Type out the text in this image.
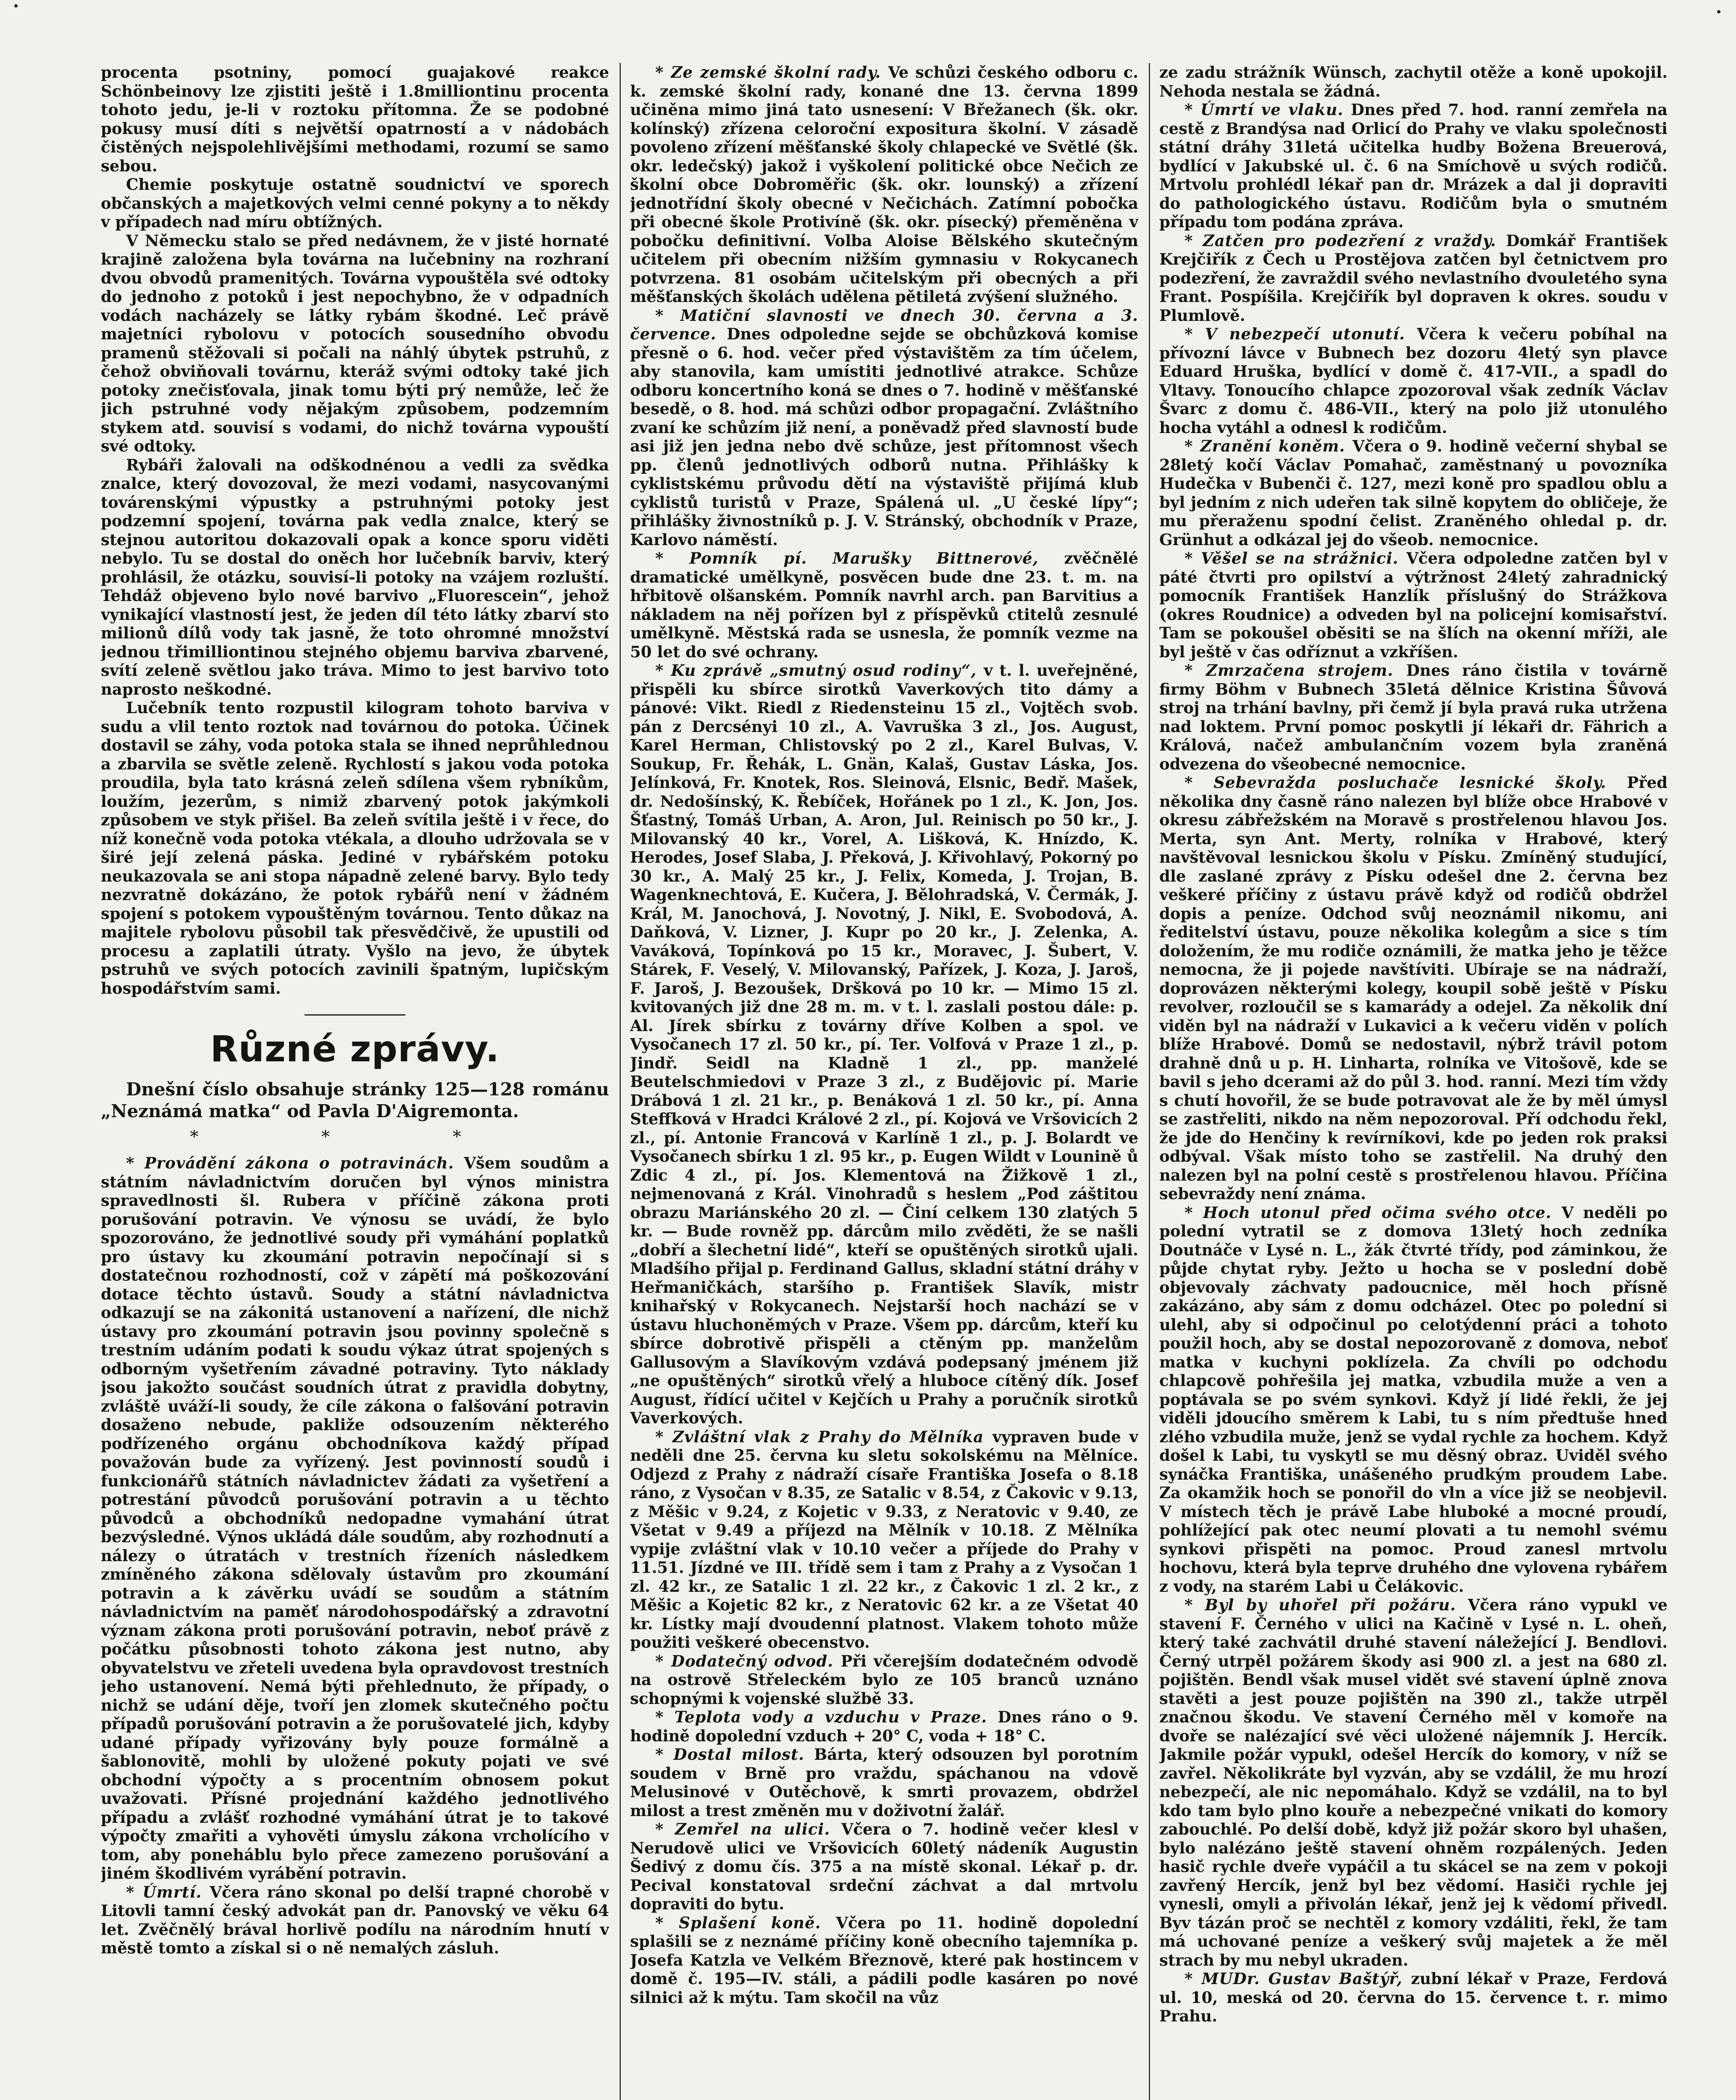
procenta psotniny, pomocí guajakové reakce Schönbeinovy lze zjistiti ještě i 1.8milliontinu procenta tohoto jedu, je-li v roztoku přítomna. Že se podobné pokusy musí díti s největší opatrností a v nádobách čistěných nejspolehlivějšími methodami, rozumí se samo sebou.

Chemie poskytuje ostatně soudnictví ve sporech občanských a majetkových velmi cenné pokyny a to někdy v případech nad míru obtížných.

V Německu stalo se před nedávnem, že v jisté hornaté krajině založena byla továrna na lučebniny na rozhraní dvou obvodů pramenitých. Továrna vypouštěla své odtoky do jednoho z potoků i jest nepochybno, že v odpadních vodách nacházely se látky rybám škodné. Leč právě majetníci rybolovu v potocích sousedního obvodu pramenů stěžovali si počali na náhlý úbytek pstruhů, z čehož obviňovali továrnu, kteráž svými odtoky také jich potoky znečisťovala, jinak tomu býti prý nemůže, leč že jich pstruhné vody nějakým způsobem, podzemním stykem atd. souvisí s vodami, do nichž továrna vypouští své odtoky.

Rybáři žalovali na odškodnénou a vedli za svědka znalce, který dovozoval, že mezi vodami, nasycovanými továrenskými výpustky a pstruhnými potoky jest podzemní spojení, továrna pak vedla znalce, který se stejnou autoritou dokazovali opak a konce sporu viděti nebylo. Tu se dostal do oněch hor lučebník barviv, který prohlásil, že otázku, souvisí-li potoky na vzájem rozluští. Tehdáž objeveno bylo nové barvivo „Fluorescein“, jehož vynikající vlastností jest, že jeden díl této látky zbarví sto milionů dílů vody tak jasně, že toto ohromné množství jednou třimilliontinou stejného objemu barviva zbarvené, svítí zeleně světlou jako tráva. Mimo to jest barvivo toto naprosto neškodné.

Lučebník tento rozpustil kilogram tohoto barviva v sudu a vlil tento roztok nad továrnou do potoka. Účinek dostavil se záhy, voda potoka stala se ihned neprůhlednou a zbarvila se světle zeleně. Rychlostí s jakou voda potoka proudila, byla tato krásná zeleň sdílena všem rybníkům, loužím, jezerům, s nimiž zbarvený potok jakýmkoli způsobem ve styk přišel. Ba zeleň svítila ještě i v řece, do níž konečně voda potoka vtékala, a dlouho udržovala se v širé její zelená páska. Jediné v rybářském potoku neukazovala se ani stopa nápadně zelené barvy. Bylo tedy nezvratně dokázáno, že potok rybářů není v žádném spojení s potokem vypouštěným továrnou. Tento důkaz na majitele rybolovu působil tak přesvědčivě, že upustili od procesu a zaplatili útraty. Vyšlo na jevo, že úbytek pstruhů ve svých potocích zavinili špatným, lupičským hospodářstvím sami.

Různé zprávy.

Dnešní číslo obsahuje stránky 125—128 románu „Neznámá matka“ od Pavla D'Aigremonta.

* * *

* Provádění zákona o potravinách. Všem soudům a státním návladnictvím doručen byl výnos ministra spravedlnosti šl. Rubera v příčině zákona proti porušování potravin. Ve výnosu se uvádí, že bylo spozorováno, že jednotlivé soudy při vymáhání poplatků pro ústavy ku zkoumání potravin nepočínají si s dostatečnou rozhodností, což v zápětí má poškozování dotace těchto ústavů. Soudy a státní návladnictva odkazují se na zákonitá ustanovení a nařízení, dle nichž ústavy pro zkoumání potravin jsou povinny společně s trestním udáním podati k soudu výkaz útrat spojených s odborným vyšetřením závadné potraviny. Tyto náklady jsou jakožto součást soudních útrat z pravidla dobytny, zvláště uváží-li soudy, že cíle zákona o falšování potravin dosaženo nebude, pakliže odsouzením některého podřízeného orgánu obchodníkova každý případ považován bude za vyřízený. Jest povinností soudů i funkcionářů státních návladnictev žádati za vyšetření a potrestání původců porušování potravin a u těchto původců a obchodníků nedopadne vymahání útrat bezvýsledné. Výnos ukládá dále soudům, aby rozhodnutí a nálezy o útratách v trestních řízeních následkem zmíněného zákona sdělovaly ústavům pro zkoumání potravin a k závěrku uvádí se soudům a státním návladnictvím na paměť národohospodářský a zdravotní význam zákona proti porušování potravin, neboť právě z počátku působnosti tohoto zákona jest nutno, aby obyvatelstvu ve zřeteli uvedena byla opravdovost trestních jeho ustanovení. Nemá býti přehlednuto, že případy, o nichž se udání děje, tvoří jen zlomek skutečného počtu případů porušování potravin a že porušovatelé jich, kdyby udané případy vyřizovány byly pouze formálně a šablonovitě, mohli by uložené pokuty pojati ve své obchodní výpočty a s procentním obnosem pokut uvažovati. Přísné projednání každého jednotlivého případu a zvlášť rozhodné vymáhání útrat je to takové výpočty zmařiti a vyhověti úmyslu zákona vrcholícího v tom, aby poneháblu bylo přece zamezeno porušování a jiném škodlivém vyrábění potravin.

* Úmrtí. Včera ráno skonal po delší trapné chorobě v Litovli tamní český advokát pan dr. Panovský ve věku 64 let. Zvěčnělý brával horlivě podílu na národním hnutí v městě tomto a získal si o ně nemalých zásluh.

* Ze zemské školní rady. Ve schůzi českého odboru c. k. zemské školní rady, konané dne 13. června 1899 učiněna mimo jiná tato usnesení: V Břežanech (šk. okr. kolínský) zřízena celoroční expositura školní. V zásadě povoleno zřízení měšťanské školy chlapecké ve Světlé (šk. okr. ledečský) jakož i vyškolení politické obce Nečich ze školní obce Dobroměřic (šk. okr. lounský) a zřízení jednotřídní školy obecné v Nečichách. Zatímní pobočka při obecné škole Protivíně (šk. okr. písecký) přeměněna v pobočku definitivní. Volba Aloise Bělského skutečným učitelem při obecním nižším gymnasiu v Rokycanech potvrzena. 81 osobám učitelským při obecných a při měšťanských školách udělena pětiletá zvýšení služného.

* Matiční slavnosti ve dnech 30. června a 3. července. Dnes odpoledne sejde se obchůzková komise přesně o 6. hod. večer před výstavištěm za tím účelem, aby stanovila, kam umístiti jednotlivé atrakce. Schůze odboru koncertního koná se dnes o 7. hodině v měšťanské besedě, o 8. hod. má schůzi odbor propagační. Zvláštního zvaní ke schůzím již není, a poněvadž před slavností bude asi již jen jedna nebo dvě schůze, jest přítomnost všech pp. členů jednotlivých odborů nutna. Přihlášky k cyklistskému průvodu dětí na výstaviště přijímá klub cyklistů turistů v Praze, Spálená ul. „U české lípy“; přihlášky živnostníků p. J. V. Stránský, obchodník v Praze, Karlovo náměstí.

* Pomník pí. Marušky Bittnerové, zvěčnělé dramatické umělkyně, posvěcen bude dne 23. t. m. na hřbitově olšanském. Pomník navrhl arch. pan Barvitius a nákladem na něj pořízen byl z příspěvků ctitelů zesnulé umělkyně. Městská rada se usnesla, že pomník vezme na 50 let do své ochrany.

* Ku zprávě „smutný osud rodiny“, v t. l. uveřejněné, přispěli ku sbírce sirotků Vaverkových tito dámy a pánové: Vikt. Riedl z Riedensteinu 15 zl., Vojtěch svob. pán z Dercsényi 10 zl., A. Vavruška 3 zl., Jos. August, Karel Herman, Chlistovský po 2 zl., Karel Bulvas, V. Soukup, Fr. Řehák, L. Gnän, Kalaš, Gustav Láska, Jos. Jelínková, Fr. Knotek, Ros. Sleinová, Elsnic, Bedř. Mašek, dr. Nedošínský, K. Řebíček, Hořánek po 1 zl., K. Jon, Jos. Šťastný, Tomáš Urban, A. Aron, Jul. Reinisch po 50 kr., J. Milovanský 40 kr., Vorel, A. Lišková, K. Hnízdo, K. Herodes, Josef Slaba, J. Překová, J. Křivohlavý, Pokorný po 30 kr., A. Malý 25 kr., J. Felix, Komeda, J. Trojan, B. Wagenknechtová, E. Kučera, J. Bělohradská, V. Čermák, J. Král, M. Janochová, J. Novotný, J. Nikl, E. Svobodová, A. Daňková, V. Lizner, J. Kupr po 20 kr., J. Zelenka, A. Vaváková, Topínková po 15 kr., Moravec, J. Šubert, V. Stárek, F. Veselý, V. Milovanský, Pařízek, J. Koza, J. Jaroš, F. Jaroš, J. Bezoušek, Dršková po 10 kr. — Mimo 15 zl. kvitovaných již dne 28 m. m. v t. l. zaslali postou dále: p. Al. Jírek sbírku z továrny dříve Kolben a spol. ve Vysočanech 17 zl. 50 kr., pí. Ter. Volfová v Praze 1 zl., p. Jindř. Seidl na Kladně 1 zl., pp. manželé Beutelschmiedovi v Praze 3 zl., z Budějovic pí. Marie Drábová 1 zl. 21 kr., p. Benáková 1 zl. 50 kr., pí. Anna Steffková v Hradci Králové 2 zl., pí. Kojová ve Vršovicích 2 zl., pí. Antonie Francová v Karlíně 1 zl., p. J. Bolardt ve Vysočanech sbírku 1 zl. 95 kr., p. Eugen Wildt v Lounině ů Zdic 4 zl., pí. Jos. Klementová na Žižkově 1 zl., nejmenovaná z Král. Vinohradů s heslem „Pod záštitou obrazu Mariánského 20 zl. — Činí celkem 130 zlatých 5 kr. — Bude rovněž pp. dárcům milo zvěděti, že se našli „dobří a šlechetní lidé“, kteří se opuštěných sirotků ujali. Mladšího přijal p. Ferdinand Gallus, skladní státní dráhy v Heřmaničkách, staršího p. František Slavík, mistr knihařský v Rokycanech. Nejstarší hoch nachází se v ústavu hluchoněmých v Praze. Všem pp. dárcům, kteří ku sbírce dobrotivě přispěli a ctěným pp. manželům Gallusovým a Slavíkovým vzdává podepsaný jménem již „ne opuštěných“ sirotků vřelý a hluboce cítěný dík. Josef August, řídící učitel v Kejčích u Prahy a poručník sirotků Vaverkových.

* Zvláštní vlak z Prahy do Mělníka vypraven bude v neděli dne 25. června ku sletu sokolskému na Mělníce. Odjezd z Prahy z nádraží císaře Františka Josefa o 8.18 ráno, z Vysočan v 8.35, ze Satalic v 8.54, z Čakovic v 9.13, z Měšic v 9.24, z Kojetic v 9.33, z Neratovic v 9.40, ze Všetat v 9.49 a příjezd na Mělník v 10.18. Z Mělníka vypije zvláštní vlak v 10.10 večer a příjede do Prahy v 11.51. Jízdné ve III. třídě sem i tam z Prahy a z Vysočan 1 zl. 42 kr., ze Satalic 1 zl. 22 kr., z Čakovic 1 zl. 2 kr., z Měšic a Kojetic 82 kr., z Neratovic 62 kr. a ze Všetat 40 kr. Lístky mají dvoudenní platnost. Vlakem tohoto může použiti veškeré obecenstvo.

* Dodatečný odvod. Při včerejším dodatečném odvodě na ostrově Střeleckém bylo ze 105 branců uznáno schopnými k vojenské službě 33.

* Teplota vody a vzduchu v Praze. Dnes ráno o 9. hodině dopolední vzduch + 20° C, voda + 18° C.

* Dostal milost. Bárta, který odsouzen byl porotním soudem v Brně pro vraždu, spáchanou na vdově Melusinové v Outěchově, k smrti provazem, obdržel milost a trest změněn mu v doživotní žalář.

* Zemřel na ulici. Včera o 7. hodině večer klesl v Nerudově ulici ve Vršovicích 60letý nádeník Augustin Šedivý z domu čís. 375 a na místě skonal. Lékař p. dr. Pecival konstatoval srdeční záchvat a dal mrtvolu dopraviti do bytu.

* Splašení koně. Včera po 11. hodině dopolední splašili se z neznámé příčiny koně obecního tajemníka p. Josefa Katzla ve Velkém Březnově, které pak hostincem v domě č. 195—IV. stáli, a pádili podle kasáren po nové silnici až k mýtu. Tam skočil na vůz

ze zadu strážník Wünsch, zachytil otěže a koně upokojil. Nehoda nestala se žádná.

* Úmrtí ve vlaku. Dnes před 7. hod. ranní zemřela na cestě z Brandýsa nad Orlicí do Prahy ve vlaku společnosti státní dráhy 31letá učitelka hudby Božena Breuerová, bydlící v Jakubské ul. č. 6 na Smíchově u svých rodičů. Mrtvolu prohlédl lékař pan dr. Mrázek a dal ji dopraviti do pathologického ústavu. Rodičům byla o smutném případu tom podána zpráva.

* Zatčen pro podezření z vraždy. Domkář František Krejčiřík z Čech u Prostějova zatčen byl četnictvem pro podezření, že zavraždil svého nevlastního dvouletého syna Frant. Pospíšila. Krejčiřík byl dopraven k okres. soudu v Plumlově.

* V nebezpečí utonutí. Včera k večeru pobíhal na přívozní lávce v Bubnech bez dozoru 4letý syn plavce Eduard Hruška, bydlící v domě č. 417-VII., a spadl do Vltavy. Tonoucího chlapce zpozoroval však zedník Václav Švarc z domu č. 486-VII., který na polo již utonulého hocha vytáhl a odnesl k rodičům.

* Zranění koněm. Včera o 9. hodině večerní shybal se 28letý kočí Václav Pomahač, zaměstnaný u povozníka Hudečka v Bubenči č. 127, mezi koně pro spadlou oblu a byl jedním z nich udeřen tak silně kopytem do obličeje, že mu přeraženu spodní čelist. Zraněného ohledal p. dr. Grünhut a odkázal jej do všeob. nemocnice.

* Věšel se na strážnici. Včera odpoledne zatčen byl v páté čtvrti pro opilství a výtržnost 24letý zahradnický pomocník František Hanzlík příslušný do Strážkova (okres Roudnice) a odveden byl na policejní komisařství. Tam se pokoušel oběsiti se na šlích na okenní mříži, ale byl ještě v čas odříznut a vzkříšen.

* Zmrzačena strojem. Dnes ráno čistila v továrně firmy Böhm v Bubnech 35letá dělnice Kristina Šůvová stroj na trhání bavlny, při čemž jí byla pravá ruka utržena nad loktem. První pomoc poskytli jí lékaři dr. Fährich a Králová, načež ambulančním vozem byla zraněná odvezena do všeobecné nemocnice.

* Sebevražda posluchače lesnické školy. Před několika dny časně ráno nalezen byl blíže obce Hrabové v okresu zábřežském na Moravě s prostřelenou hlavou Jos. Merta, syn Ant. Merty, rolníka v Hrabové, který navštěvoval lesnickou školu v Písku. Zmíněný studující, dle zaslané zprávy z Písku odešel dne 2. června bez veškeré příčiny z ústavu právě když od rodičů obdržel dopis a peníze. Odchod svůj neoznámil nikomu, ani ředitelství ústavu, pouze několika kolegům a sice s tím doložením, že mu rodiče oznámili, že matka jeho je těžce nemocna, že ji pojede navštíviti. Ubíraje se na nádraží, doprovázen některými kolegy, koupil sobě ještě v Písku revolver, rozloučil se s kamarády a odejel. Za několik dní viděn byl na nádraží v Lukavici a k večeru viděn v polích blíže Hrabové. Domů se nedostavil, nýbrž trávil potom drahně dnů u p. H. Linharta, rolníka ve Vitošově, kde se bavil s jeho dcerami až do půl 3. hod. ranní. Mezi tím vždy s chutí hovořil, že se bude potravovat ale že by měl úmysl se zastřeliti, nikdo na něm nepozoroval. Pří odchodu řekl, že jde do Henčiny k revírníkovi, kde po jeden rok praksi odbýval. Však místo toho se zastřelil. Na druhý den nalezen byl na polní cestě s prostřelenou hlavou. Příčina sebevraždy není známa.

* Hoch utonul před očima svého otce. V neděli po polední vytratil se z domova 13letý hoch zedníka Doutnáče v Lysé n. L., žák čtvrté třídy, pod záminkou, že půjde chytat ryby. Ježto u hocha se v poslední době objevovaly záchvaty padoucnice, měl hoch přísně zakázáno, aby sám z domu odcházel. Otec po polední si ulehl, aby si odpočinul po celotýdenní práci a tohoto použil hoch, aby se dostal nepozorovaně z domova, neboť matka v kuchyni poklízela. Za chvíli po odchodu chlapcově pohřešila jej matka, vzbudila muže a ven a poptávala se po svém synkovi. Když jí lidé řekli, že jej viděli jdoucího směrem k Labi, tu s ním předtuše hned zlého vzbudila muže, jenž se vydal rychle za hochem. Když došel k Labi, tu vyskytl se mu děsný obraz. Uviděl svého synáčka Františka, unášeného prudkým proudem Labe. Za okamžik hoch se ponořil do vln a více již se neobjevil. V místech těch je právě Labe hluboké a mocné proudí, pohlížející pak otec neumí plovati a tu nemohl svému synkovi přispěti na pomoc. Proud zanesl mrtvolu hochovu, která byla teprve druhého dne vylovena rybářem z vody, na starém Labi u Čelákovic.

* Byl by uhořel při požáru. Včera ráno vypukl ve stavení F. Černého v ulici na Kačině v Lysé n. L. oheň, který také zachvátil druhé stavení náležející J. Bendlovi. Černý utrpěl požárem škody asi 900 zl. a jest na 680 zl. pojištěn. Bendl však musel vidět své stavení úplně znova stavěti a jest pouze pojištěn na 390 zl., takže utrpěl značnou škodu. Ve stavení Černého měl v komoře na dvoře se nalézající své věci uložené nájemník J. Hercík. Jakmile požár vypukl, odešel Hercík do komory, v níž se zavřel. Několikráte byl vyzván, aby se vzdálil, že mu hrozí nebezpečí, ale nic nepomáhalo. Když se vzdálil, na to byl kdo tam bylo plno kouře a nebezpečné vnikati do komory zabouchlé. Po delší době, když již požár skoro byl uhašen, bylo nalézáno ještě stavení ohněm rozpálených. Jeden hasič rychle dveře vypáčil a tu skácel se na zem v pokoji zavřený Hercík, jenž byl bez vědomí. Hasiči rychle jej vynesli, omyli a přivolán lékař, jenž jej k vědomí přivedl. Byv tázán proč se nechtěl z komory vzdáliti, řekl, že tam má uchované peníze a veškerý svůj majetek a že měl strach by mu nebyl ukraden.

* MUDr. Gustav Baštýř, zubní lékař v Praze, Ferdová ul. 10, meská od 20. června do 15. července t. r. mimo Prahu.
